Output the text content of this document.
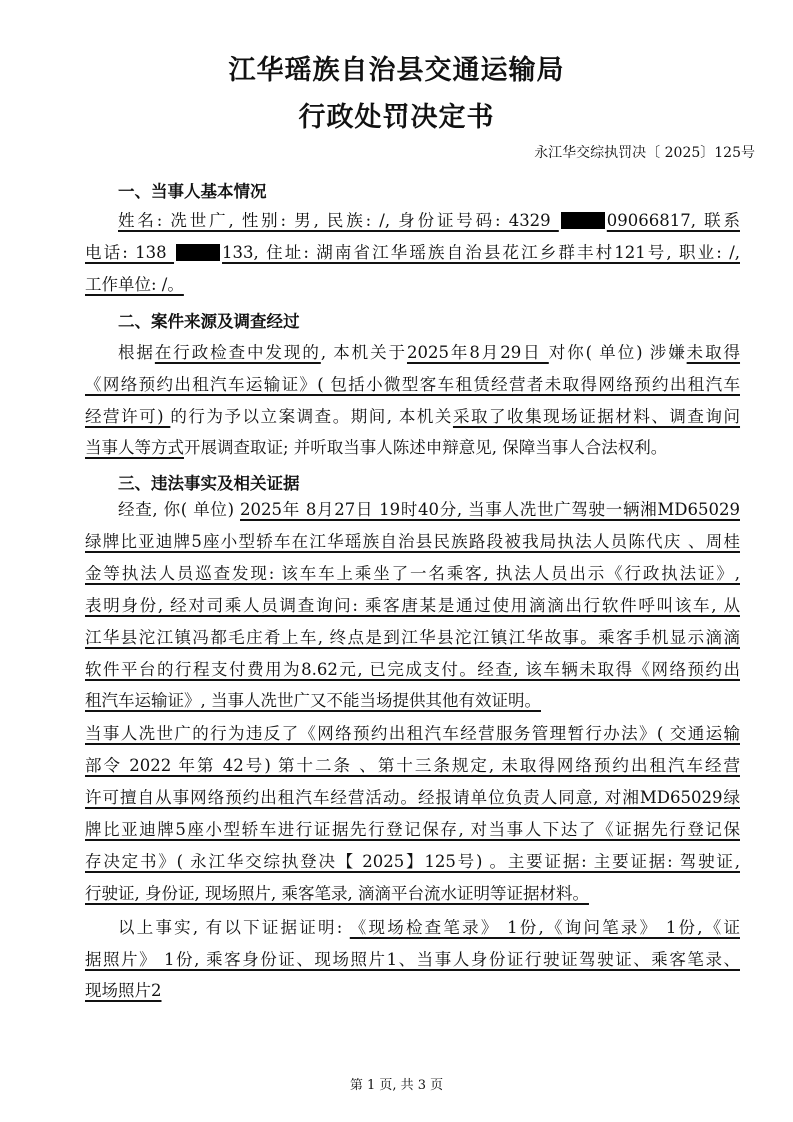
江华瑶族自治县交通运输局
行政处罚决定书
永江华交综执罚决〔 2025〕125号
一、当事人基本情况
姓名: 冼世广, 性别: 男, 民族: /, 身份证号码: 4329	09066817, 联系
电话: 138	133, 住址: 湖南省江华瑶族自治县花江乡群丰村121号, 职业: /,
工作单位: /。
二、案件来源及调查经过
根据在行政检查中发现的, 本机关于2025年8月29日 对你( 单位) 涉嫌未取得
《网络预约出租汽车运输证》( 包括小微型客车租赁经营者未取得网络预约出租汽车
经营许可) 的行为予以立案调查。期间, 本机关采取了收集现场证据材料、调查询问
当事人等方式开展调查取证; 并听取当事人陈述申辩意见, 保障当事人合法权利。
三、违法事实及相关证据
经查, 你( 单位) 2025年 8月27日 19时40分, 当事人冼世广驾驶一辆湘MD65029
绿牌比亚迪牌5座小型轿车在江华瑶族自治县民族路段被我局执法人员陈代庆 、周桂
金等执法人员巡查发现: 该车车上乘坐了一名乘客, 执法人员出示《行政执法证》,
表明身份, 经对司乘人员调查询问: 乘客唐某是通过使用滴滴出行软件呼叫该车, 从
江华县沱江镇冯都毛庄肴上车, 终点是到江华县沱江镇江华故事。乘客手机显示滴滴
软件平台的行程支付费用为8.62元, 已完成支付。经查, 该车辆未取得《网络预约出
租汽车运输证》, 当事人冼世广又不能当场提供其他有效证明。
当事人冼世广的行为违反了《网络预约出租汽车经营服务管理暂行办法》( 交通运输
部令 2022 年第 42号) 第十二条 、第十三条规定, 未取得网络预约出租汽车经营
许可擅自从事网络预约出租汽车经营活动。经报请单位负责人同意, 对湘MD65029绿
牌比亚迪牌5座小型轿车进行证据先行登记保存, 对当事人下达了《证据先行登记保
存决定书》( 永江华交综执登决【 2025】125号) 。主要证据: 主要证据: 驾驶证,
行驶证, 身份证, 现场照片, 乘客笔录, 滴滴平台流水证明等证据材料。
以上事实, 有以下证据证明: 《现场检查笔录》 1份,《询问笔录》 1份,《证
据照片》 1份, 乘客身份证、现场照片1、当事人身份证行驶证驾驶证、乘客笔录、
现场照片2
第 1 页, 共 3 页
